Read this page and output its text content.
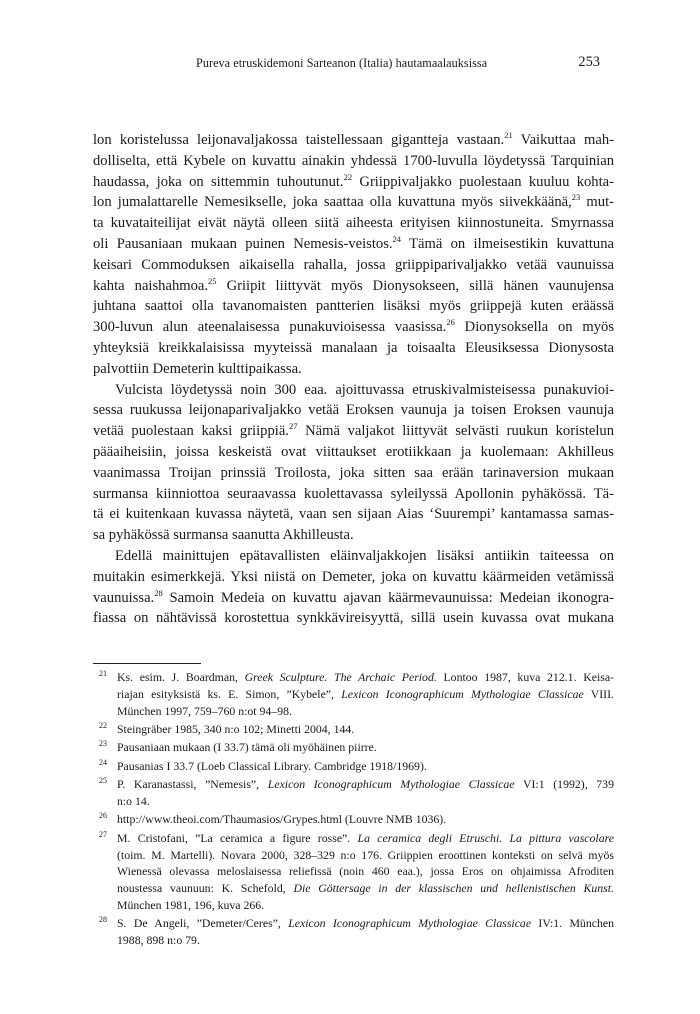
Pureva etruskidemoni Sarteanon (Italia) hautamaalauksissa	253
lon koristelussa leijonavaljakossa taistellessaan gigantteja vastaan.$^{21}$ Vaikuttaa mah-
dolliselta, että Kybele on kuvattu ainakin yhdessä 1700-luvulla löydetyssä Tarquinian
haudassa, joka on sittemmin tuhoutunut.$^{22}$ Griippivaljakko puolestaan kuuluu kohta-
lon jumalattarelle Nemesikselle, joka saattaa olla kuvattuna myös siivekkäänä,$^{23}$ mut-
ta kuvataiteilijat eivät näytä olleen siitä aiheesta erityisen kiinnostuneita. Smyrnassa
oli Pausaniaan mukaan puinen Nemesis-veistos.$^{24}$ Tämä on ilmeisestikin kuvattuna
keisari Commoduksen aikaisella rahalla, jossa griippiparivaljakko vetää vaunuissa
kahta naishahmoa.$^{25}$ Griipit liittyvät myös Dionysokseen, sillä hänen vaunujensa
juhtana saattoi olla tavanomaisten pantterien lisäksi myös griippejä kuten eräässä
300-luvun alun ateenalaisessa punakuvioisessa vaasissa.$^{26}$ Dionysoksella on myös
yhteyksiä kreikkalaisissa myyteissä manalaan ja toisaalta Eleusiksessa Dionysosta
palvottiin Demeterin kulttipaikassa.
Vulcista löydetyssä noin 300 eaa. ajoittuvassa etruskivalmisteisessa punakuvioi-
sessa ruukussa leijonaparivaljakko vetää Eroksen vaunuja ja toisen Eroksen vaunuja
vetää puolestaan kaksi griippiä.$^{27}$ Nämä valjakot liittyvät selvästi ruukun koristelun
pääaiheisiin, joissa keskeistä ovat viittaukset erotiikkaan ja kuolemaan: Akhilleus
vaanimassa Troijan prinssiä Troilosta, joka sitten saa erään tarinaversion mukaan
surmansa kiinniottoa seuraavassa kuolettavassa syleilyssä Apollonin pyhäkössä. Tä-
tä ei kuitenkaan kuvassa näytetä, vaan sen sijaan Aias ‘Suurempi’ kantamassa samas-
sa pyhäkössä surmansa saanutta Akhilleusta.
Edellä mainittujen epätavallisten eläinvaljakkojen lisäksi antiikin taiteessa on
muitakin esimerkkejä. Yksi niistä on Demeter, joka on kuvattu käärmeiden vetämissä
vaunuissa.$^{28}$ Samoin Medeia on kuvattu ajavan käärmevaunuissa: Medeian ikonogra-
fiassa on nähtävissä korostettua synkkävireisyyttä, sillä usein kuvassa ovat mukana
21 Ks. esim. J. Boardman, Greek Sculpture. The Archaic Period. Lontoo 1987, kuva 212.1. Keisa-
riajan esityksistä ks. E. Simon, ”Kybele”, Lexicon Iconographicum Mythologiae Classicae VIII.
München 1997, 759–760 n:ot 94–98.
22 Steingräber 1985, 340 n:o 102; Minetti 2004, 144.
23 Pausaniaan mukaan (I 33.7) tämä oli myöhäinen piirre.
24 Pausanias I 33.7 (Loeb Classical Library. Cambridge 1918/1969).
25 P. Karanastassi, ”Nemesis”, Lexicon Iconographicum Mythologiae Classicae VI:1 (1992), 739
n:o 14.
26 http://www.theoi.com/Thaumasios/Grypes.html (Louvre NMB 1036).
27 M. Cristofani, ”La ceramica a figure rosse”. La ceramica degli Etruschi. La pittura vascolare
(toim. M. Martelli). Novara 2000, 328–329 n:o 176. Griippien eroottinen konteksti on selvä myös
Wienessä olevassa meloslaisessa reliefissä (noin 460 eaa.), jossa Eros on ohjaimissa Afroditen
noustessa vaunuun: K. Schefold, Die Göttersage in der klassischen und hellenistischen Kunst.
München 1981, 196, kuva 266.
28 S. De Angeli, ”Demeter/Ceres”, Lexicon Iconographicum Mythologiae Classicae IV:1. München
1988, 898 n:o 79.
